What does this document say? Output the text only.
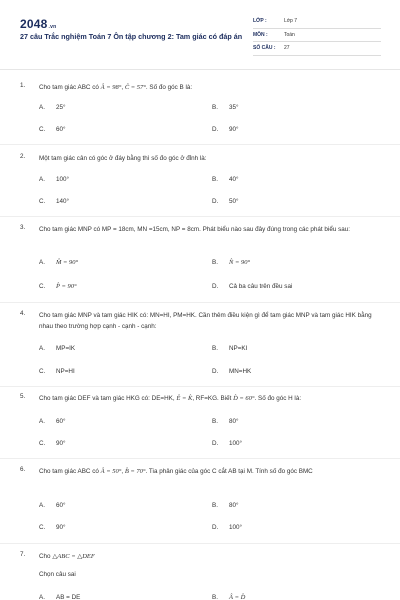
2048.vn
27 câu Trắc nghiệm Toán 7 Ôn tập chương 2: Tam giác có đáp án
LỚP :	Lớp 7
MÔN :	Toán
SỐ CÂU : 27
1. Cho tam giác ABC có Â = 98°, Ĉ = 57°. Số đo góc B là:
A. 25°	B. 35°
C. 60°	D. 90°
2. Một tam giác cân có góc ở đáy bằng thì số đo góc ở đỉnh là:
A. 100°	B. 40°
C. 140°	D. 50°
3. Cho tam giác MNP có MP = 18cm, MN =15cm, NP = 8cm. Phát biểu nào sau đây đúng trong các phát biểu sau:
A. M̂ = 90°	B. N̂ = 90°
C. P̂ = 90°	D. Cả ba câu trên đều sai
4. Cho tam giác MNP và tam giác HIK có: MN=HI, PM=HK. Cần thêm điều kiện gì để tam giác MNP và tam giác HIK bằng nhau theo trường hợp cạnh - cạnh - cạnh:
A. MP=IK	B. NP=KI
C. NP=HI	D. MN=HK
5. Cho tam giác DEF và tam giác HKG có: DE=HK, Ê = K̂, RF=KG. Biết D̂ = 60°. Số đo góc H là:
A. 60°	B. 80°
C. 90°	D. 100°
6. Cho tam giác ABC có Â = 50°, B̂ = 70°. Tia phân giác của góc C cắt AB tại M. Tính số đo góc BMC
A. 60°	B. 80°
C. 90°	D. 100°
7. Cho △ABC = △DEF
Chọn câu sai
A. AB = DE	B. Â = D̂
